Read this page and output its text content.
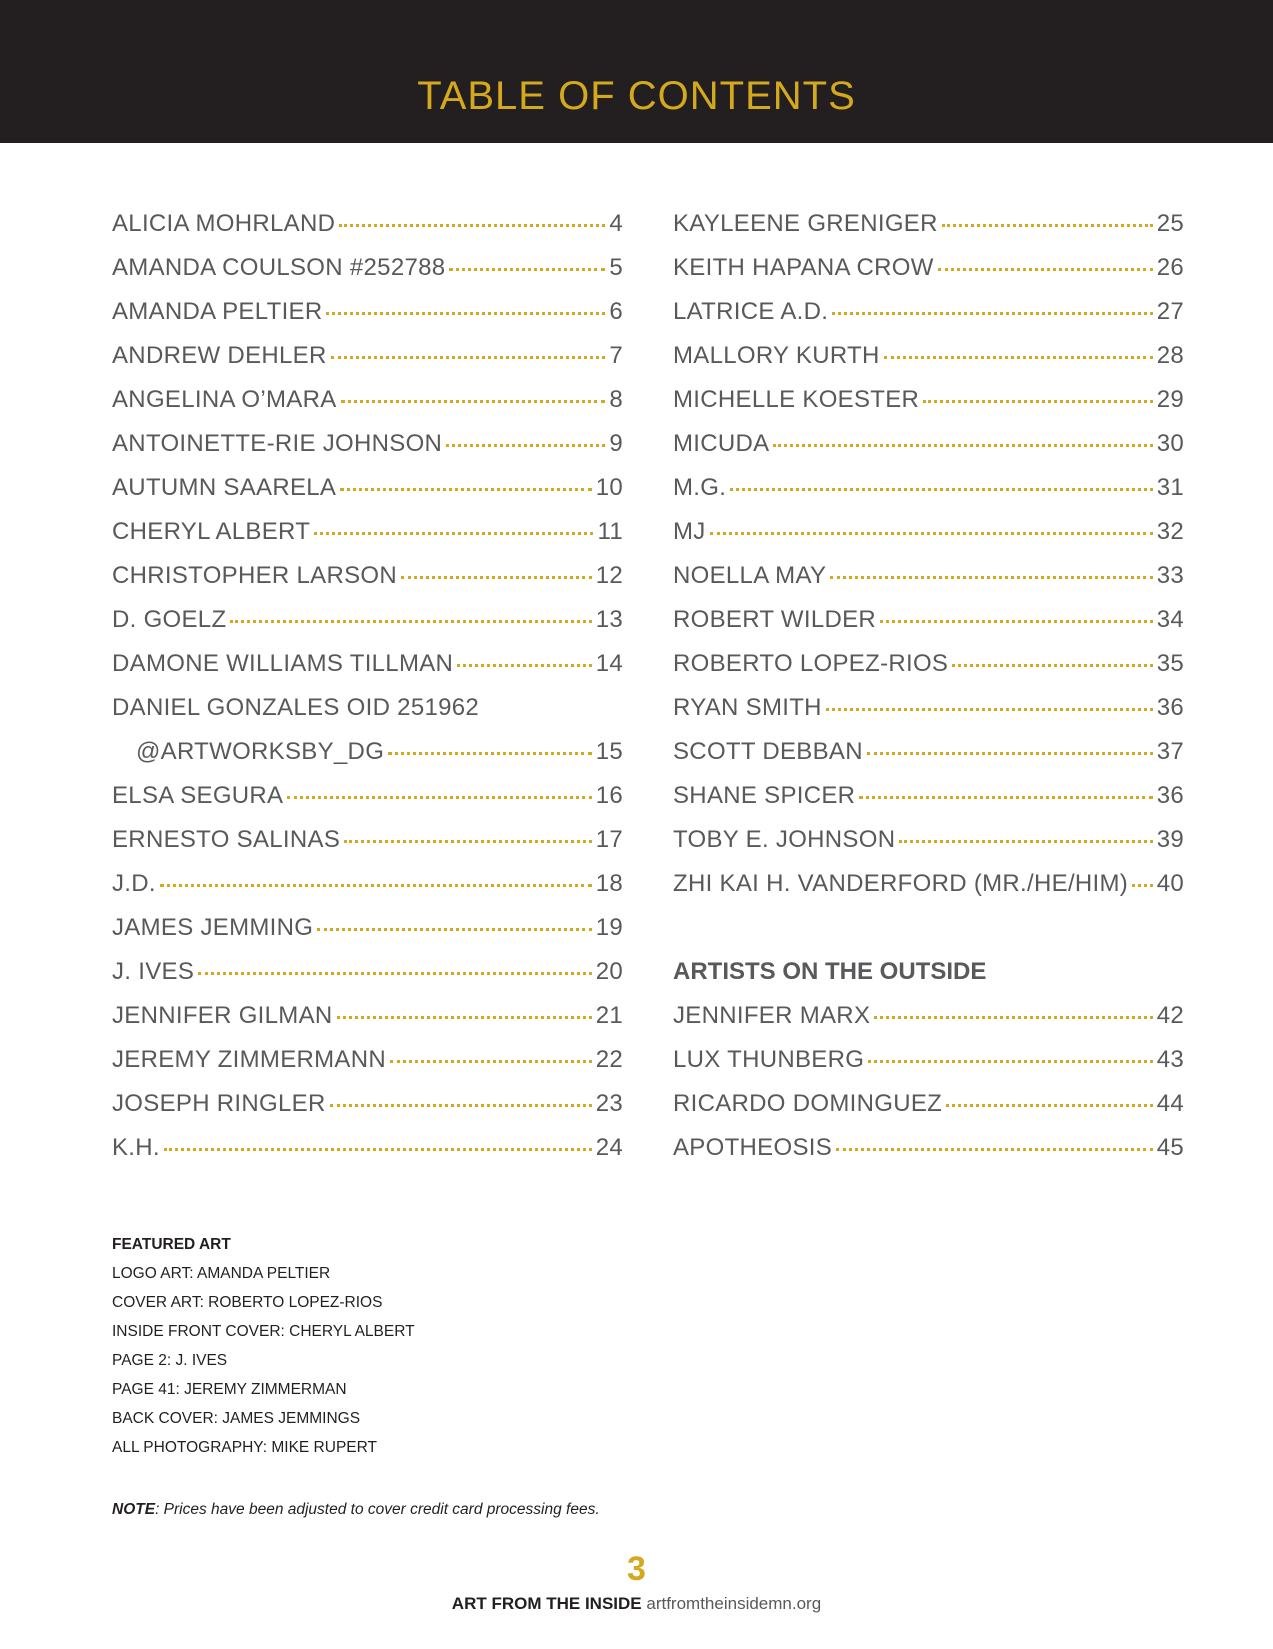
TABLE OF CONTENTS
ALICIA MOHRLAND	4
AMANDA COULSON #252788	5
AMANDA PELTIER	6
ANDREW DEHLER	7
ANGELINA O’MARA	8
ANTOINETTE-RIE JOHNSON	9
AUTUMN SAARELA	10
CHERYL ALBERT	11
CHRISTOPHER LARSON	12
D. GOELZ	13
DAMONE WILLIAMS TILLMAN	14
DANIEL GONZALES OID 251962
@ARTWORKSBY_DG	15
ELSA SEGURA	16
ERNESTO SALINAS	17
J.D.	18
JAMES JEMMING	19
J. IVES	20
JENNIFER GILMAN	21
JEREMY ZIMMERMANN	22
JOSEPH RINGLER	23
K.H.	24
KAYLEENE GRENIGER	25
KEITH HAPANA CROW	26
LATRICE A.D.	27
MALLORY KURTH	28
MICHELLE KOESTER	29
MICUDA	30
M.G.	31
MJ	32
NOELLA MAY	33
ROBERT WILDER	34
ROBERTO LOPEZ-RIOS	35
RYAN SMITH	36
SCOTT DEBBAN	37
SHANE SPICER	36
TOBY E. JOHNSON	39
ZHI KAI H. VANDERFORD (MR./HE/HIM) 40
ARTISTS ON THE OUTSIDE
JENNIFER MARX	42
LUX THUNBERG	43
RICARDO DOMINGUEZ	44
APOTHEOSIS	45
FEATURED ART
LOGO ART: AMANDA PELTIER
COVER ART: ROBERTO LOPEZ-RIOS
INSIDE FRONT COVER: CHERYL ALBERT
PAGE 2: J. IVES
PAGE 41: JEREMY ZIMMERMAN
BACK COVER: JAMES JEMMINGS
ALL PHOTOGRAPHY: MIKE RUPERT
NOTE: Prices have been adjusted to cover credit card processing fees.
3
ART FROM THE INSIDE artfromtheinsidemn.org
